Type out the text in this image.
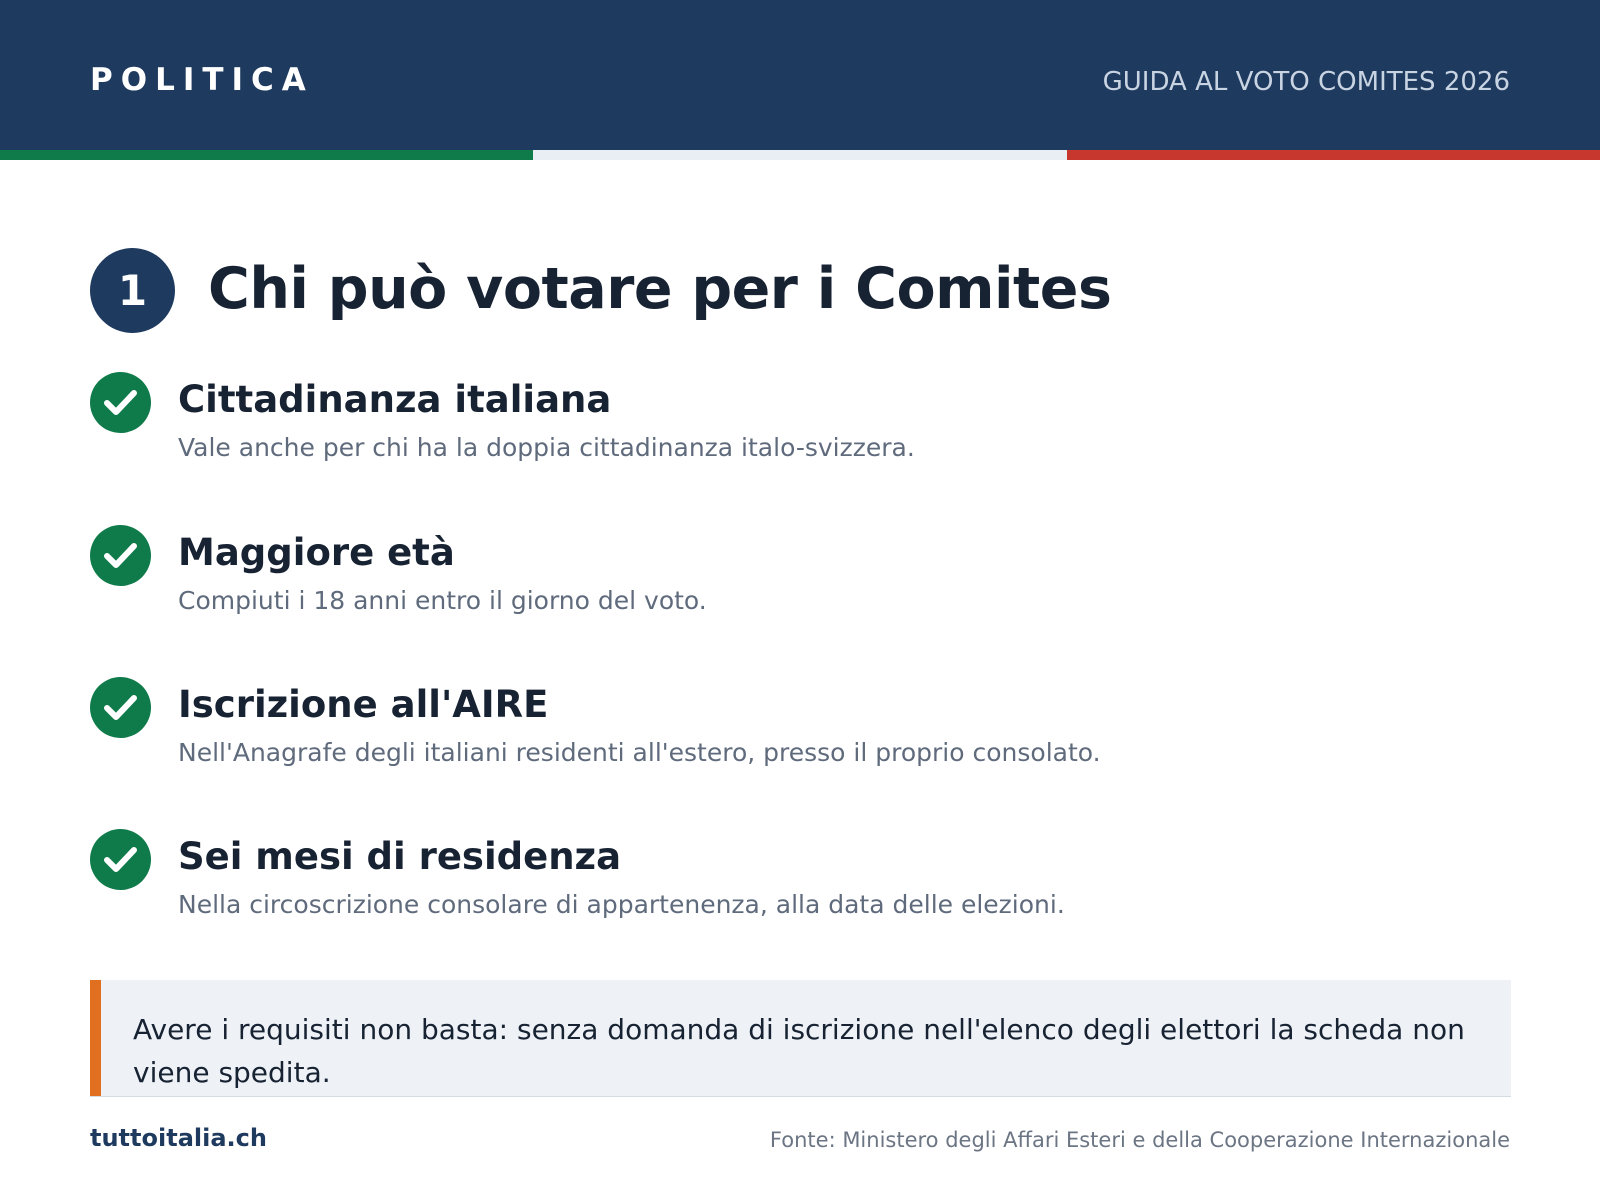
POLITICA	GUIDA AL VOTO COMITES 2026
1	Chi può votare per i Comites
Cittadinanza italiana
Vale anche per chi ha la doppia cittadinanza italo-svizzera.
Maggiore età
Compiuti i 18 anni entro il giorno del voto.
Iscrizione all'AIRE
Nell'Anagrafe degli italiani residenti all'estero, presso il proprio consolato.
Sei mesi di residenza
Nella circoscrizione consolare di appartenenza, alla data delle elezioni.
Avere i requisiti non basta: senza domanda di iscrizione nell'elenco degli elettori la scheda non viene spedita.
tuttoitalia.ch	Fonte: Ministero degli Affari Esteri e della Cooperazione Internazionale
